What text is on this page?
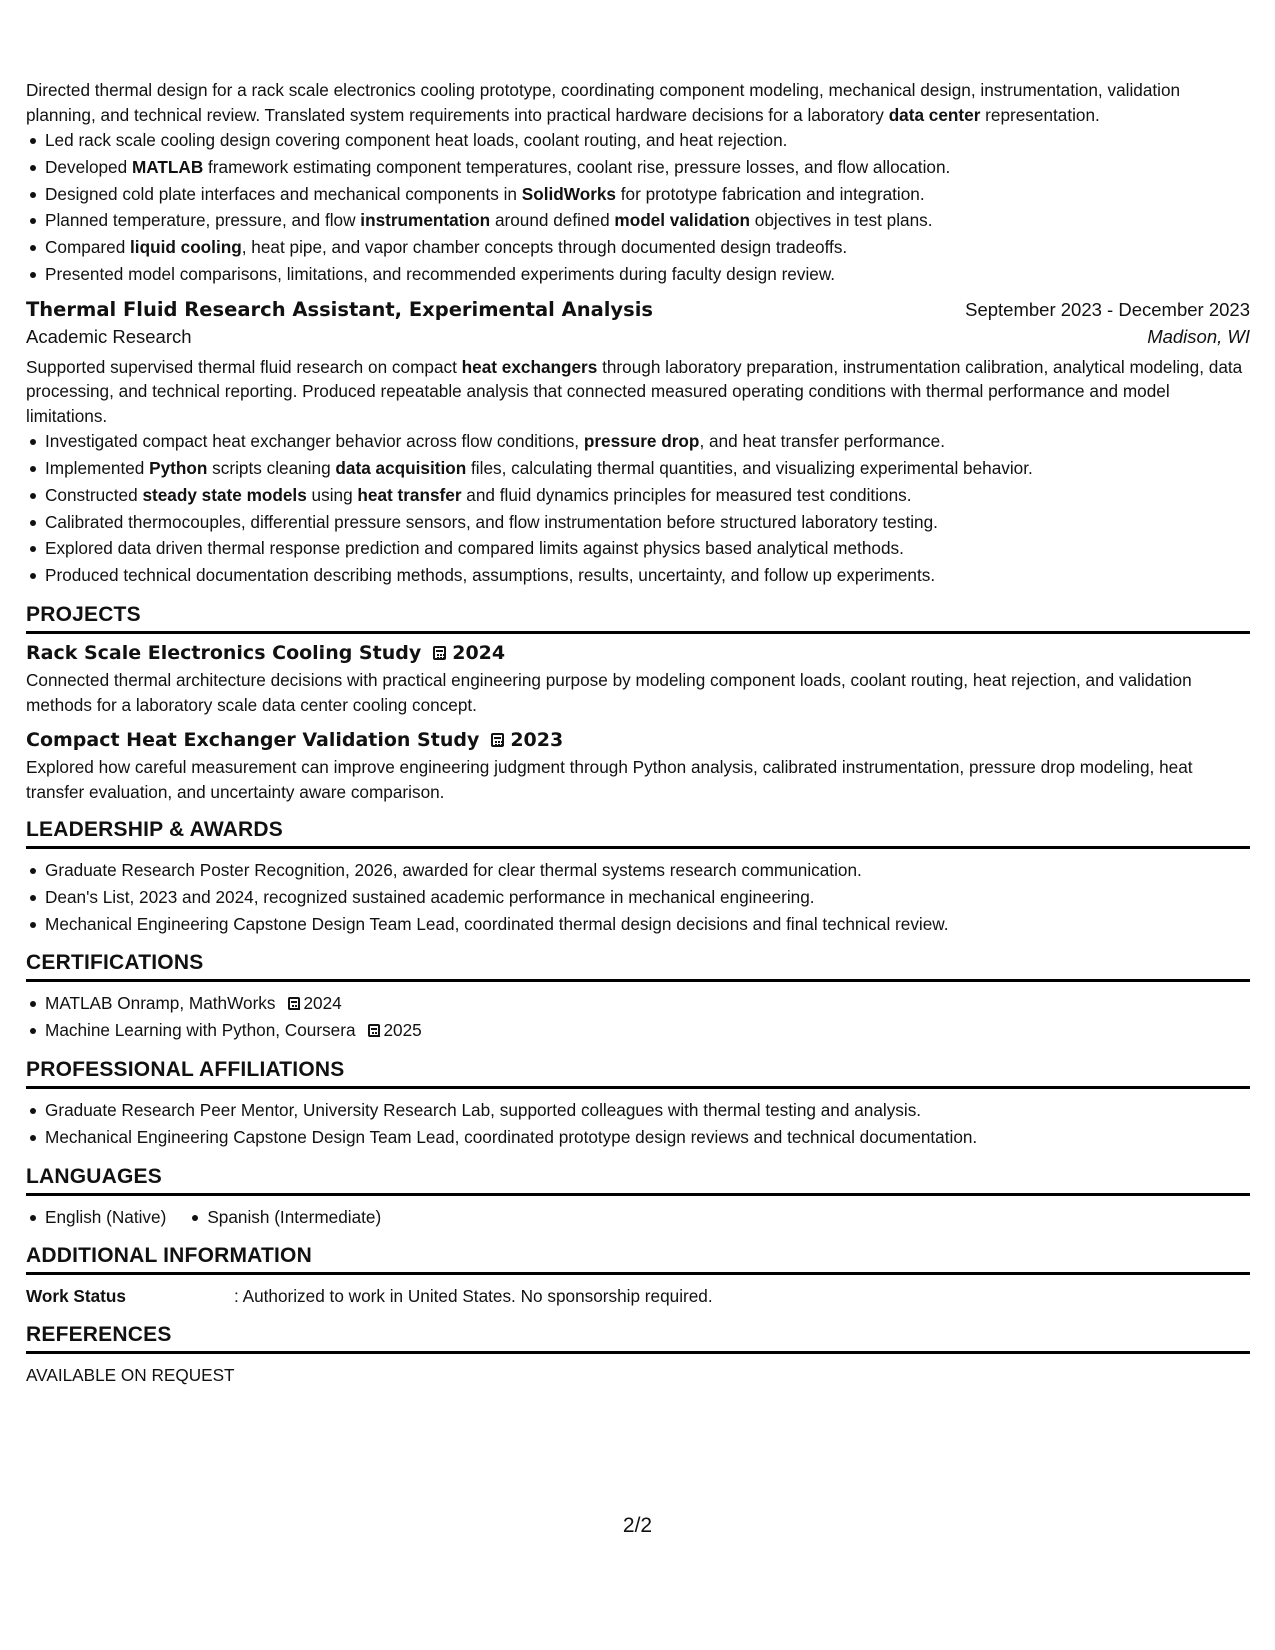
Directed thermal design for a rack scale electronics cooling prototype, coordinating component modeling, mechanical design, instrumentation, validation planning, and technical review. Translated system requirements into practical hardware decisions for a laboratory data center representation.

Led rack scale cooling design covering component heat loads, coolant routing, and heat rejection.
Developed MATLAB framework estimating component temperatures, coolant rise, pressure losses, and flow allocation.
Designed cold plate interfaces and mechanical components in SolidWorks for prototype fabrication and integration.
Planned temperature, pressure, and flow instrumentation around defined model validation objectives in test plans.
Compared liquid cooling, heat pipe, and vapor chamber concepts through documented design tradeoffs.
Presented model comparisons, limitations, and recommended experiments during faculty design review.
Thermal Fluid Research Assistant, Experimental Analysis	September 2023 - December 2023
Academic Research	Madison, WI

Supported supervised thermal fluid research on compact heat exchangers through laboratory preparation, instrumentation calibration, analytical modeling, data processing, and technical reporting. Produced repeatable analysis that connected measured operating conditions with thermal performance and model limitations.

Investigated compact heat exchanger behavior across flow conditions, pressure drop, and heat transfer performance.
Implemented Python scripts cleaning data acquisition files, calculating thermal quantities, and visualizing experimental behavior.
Constructed steady state models using heat transfer and fluid dynamics principles for measured test conditions.
Calibrated thermocouples, differential pressure sensors, and flow instrumentation before structured laboratory testing.
Explored data driven thermal response prediction and compared limits against physics based analytical methods.
Produced technical documentation describing methods, assumptions, results, uncertainty, and follow up experiments.
PROJECTS
Rack Scale Electronics Cooling Study 2024

Connected thermal architecture decisions with practical engineering purpose by modeling component loads, coolant routing, heat rejection, and validation methods for a laboratory scale data center cooling concept.

Compact Heat Exchanger Validation Study 2023

Explored how careful measurement can improve engineering judgment through Python analysis, calibrated instrumentation, pressure drop modeling, heat transfer evaluation, and uncertainty aware comparison.

LEADERSHIP & AWARDS
Graduate Research Poster Recognition, 2026, awarded for clear thermal systems research communication.
Dean's List, 2023 and 2024, recognized sustained academic performance in mechanical engineering.
Mechanical Engineering Capstone Design Team Lead, coordinated thermal design decisions and final technical review.
CERTIFICATIONS
MATLAB Onramp, MathWorks 2024
Machine Learning with Python, Coursera 2025
PROFESSIONAL AFFILIATIONS
Graduate Research Peer Mentor, University Research Lab, supported colleagues with thermal testing and analysis.
Mechanical Engineering Capstone Design Team Lead, coordinated prototype design reviews and technical documentation.
LANGUAGES
English (Native)	Spanish (Intermediate)
ADDITIONAL INFORMATION
Work Status	: Authorized to work in United States. No sponsorship required.
REFERENCES
AVAILABLE ON REQUEST
2/2
